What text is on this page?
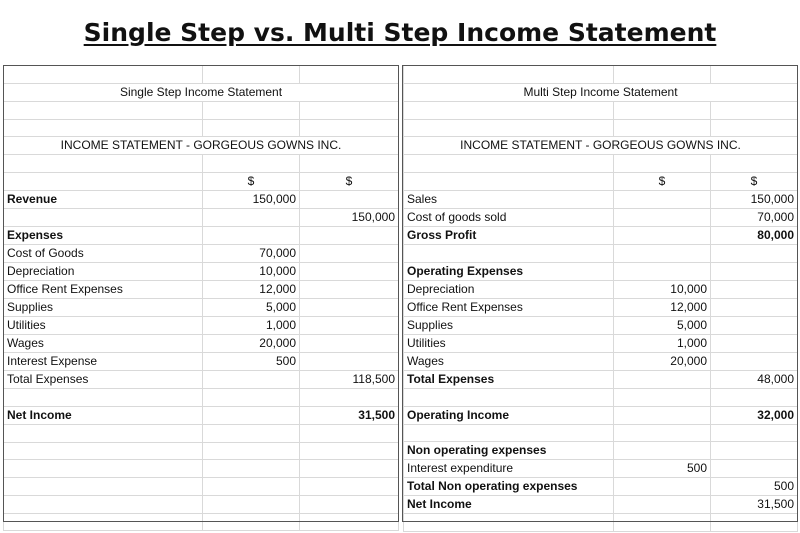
Single Step vs. Multi Step Income Statement

Single Step Income Statement		

INCOME STATEMENT - GORGEOUS GOWNS INC.		

	$	$
Revenue	150,000	
		150,000
Expenses		
Cost of Goods	70,000	
Depreciation	10,000	
Office Rent Expenses	12,000	
Supplies	5,000	
Utilities	1,000	
Wages	20,000	
Interest Expense	500	
Total Expenses		118,500

Net Income		31,500

Multi Step Income Statement		

INCOME STATEMENT - GORGEOUS GOWNS INC.		

	$	$
Sales		150,000
Cost of goods sold		70,000
Gross Profit		80,000

Operating Expenses		
Depreciation	10,000	
Office Rent Expenses	12,000	
Supplies	5,000	
Utilities	1,000	
Wages	20,000	
Total Expenses		48,000

Operating Income		32,000

Non operating expenses		
Interest expenditure	500	
Total Non operating expenses		500
Net Income		31,500
